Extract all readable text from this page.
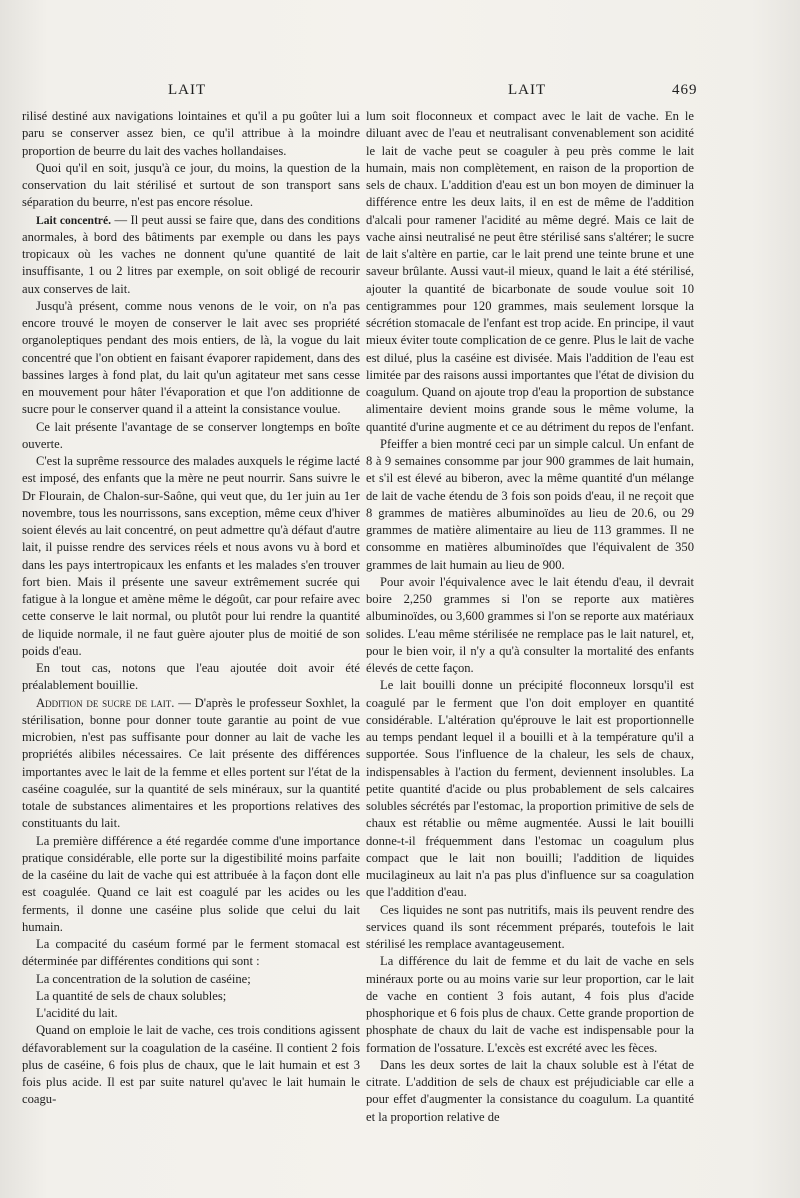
LAIT	LAIT	469

rilisé destiné aux navigations lointaines et qu'il a pu goûter lui a paru se conserver assez bien, ce qu'il attribue à la moindre proportion de beurre du lait des vaches hollandaises.

Quoi qu'il en soit, jusqu'à ce jour, du moins, la question de la conservation du lait stérilisé et surtout de son transport sans séparation du beurre, n'est pas encore résolue.

Lait concentré. — Il peut aussi se faire que, dans des conditions anormales, à bord des bâtiments par exemple ou dans les pays tropicaux où les vaches ne donnent qu'une quantité de lait insuffisante, 1 ou 2 litres par exemple, on soit obligé de recourir aux conserves de lait.

Jusqu'à présent, comme nous venons de le voir, on n'a pas encore trouvé le moyen de conserver le lait avec ses propriété organoleptiques pendant des mois entiers, de là, la vogue du lait concentré que l'on obtient en faisant évaporer rapidement, dans des bassines larges à fond plat, du lait qu'un agitateur met sans cesse en mouvement pour hâter l'évaporation et que l'on additionne de sucre pour le conserver quand il a atteint la consistance voulue.

Ce lait présente l'avantage de se conserver longtemps en boîte ouverte.

C'est la suprême ressource des malades auxquels le régime lacté est imposé, des enfants que la mère ne peut nourrir. Sans suivre le Dr Flourain, de Chalon-sur-Saône, qui veut que, du 1er juin au 1er novembre, tous les nourrissons, sans exception, même ceux d'hiver soient élevés au lait concentré, on peut admettre qu'à défaut d'autre lait, il puisse rendre des services réels et nous avons vu à bord et dans les pays intertropicaux les enfants et les malades s'en trouver fort bien. Mais il présente une saveur extrêmement sucrée qui fatigue à la longue et amène même le dégoût, car pour refaire avec cette conserve le lait normal, ou plutôt pour lui rendre la quantité de liquide normale, il ne faut guère ajouter plus de moitié de son poids d'eau.

En tout cas, notons que l'eau ajoutée doit avoir été préalablement bouillie.

Addition de sucre de lait. — D'après le professeur Soxhlet, la stérilisation, bonne pour donner toute garantie au point de vue microbien, n'est pas suffisante pour donner au lait de vache les propriétés alibiles nécessaires. Ce lait présente des différences importantes avec le lait de la femme et elles portent sur l'état de la caséine coagulée, sur la quantité de sels minéraux, sur la quantité totale de substances alimentaires et les proportions relatives des constituants du lait.

La première différence a été regardée comme d'une importance pratique considérable, elle porte sur la digestibilité moins parfaite de la caséine du lait de vache qui est attribuée à la façon dont elle est coagulée. Quand ce lait est coagulé par les acides ou les ferments, il donne une caséine plus solide que celui du lait humain.

La compacité du caséum formé par le ferment stomacal est déterminée par différentes conditions qui sont :

La concentration de la solution de caséine;

La quantité de sels de chaux solubles;

L'acidité du lait.

Quand on emploie le lait de vache, ces trois conditions agissent défavorablement sur la coagulation de la caséine. Il contient 2 fois plus de caséine, 6 fois plus de chaux, que le lait humain et est 3 fois plus acide. Il est par suite naturel qu'avec le lait humain le coagu-

lum soit floconneux et compact avec le lait de vache. En le diluant avec de l'eau et neutralisant convenablement son acidité le lait de vache peut se coaguler à peu près comme le lait humain, mais non complètement, en raison de la proportion de sels de chaux. L'addition d'eau est un bon moyen de diminuer la différence entre les deux laits, il en est de même de l'addition d'alcali pour ramener l'acidité au même degré. Mais ce lait de vache ainsi neutralisé ne peut être stérilisé sans s'altérer; le sucre de lait s'altère en partie, car le lait prend une teinte brune et une saveur brûlante. Aussi vaut-il mieux, quand le lait a été stérilisé, ajouter la quantité de bicarbonate de soude voulue soit 10 centigrammes pour 120 grammes, mais seulement lorsque la sécrétion stomacale de l'enfant est trop acide. En principe, il vaut mieux éviter toute complication de ce genre. Plus le lait de vache est dilué, plus la caséine est divisée. Mais l'addition de l'eau est limitée par des raisons aussi importantes que l'état de division du coagulum. Quand on ajoute trop d'eau la proportion de substance alimentaire devient moins grande sous le même volume, la quantité d'urine augmente et ce au détriment du repos de l'enfant.

Pfeiffer a bien montré ceci par un simple calcul. Un enfant de 8 à 9 semaines consomme par jour 900 grammes de lait humain, et s'il est élevé au biberon, avec la même quantité d'un mélange de lait de vache étendu de 3 fois son poids d'eau, il ne reçoit que 8 grammes de matières albuminoïdes au lieu de 20.6, ou 29 grammes de matière alimentaire au lieu de 113 grammes. Il ne consomme en matières albuminoïdes que l'équivalent de 350 grammes de lait humain au lieu de 900.

Pour avoir l'équivalence avec le lait étendu d'eau, il devrait boire 2,250 grammes si l'on se reporte aux matières albuminoïdes, ou 3,600 grammes si l'on se reporte aux matériaux solides. L'eau même stérilisée ne remplace pas le lait naturel, et, pour le bien voir, il n'y a qu'à consulter la mortalité des enfants élevés de cette façon.

Le lait bouilli donne un précipité floconneux lorsqu'il est coagulé par le ferment que l'on doit employer en quantité considérable. L'altération qu'éprouve le lait est proportionnelle au temps pendant lequel il a bouilli et à la température qu'il a supportée. Sous l'influence de la chaleur, les sels de chaux, indispensables à l'action du ferment, deviennent insolubles. La petite quantité d'acide ou plus probablement de sels calcaires solubles sécrétés par l'estomac, la proportion primitive de sels de chaux est rétablie ou même augmentée. Aussi le lait bouilli donne-t-il fréquemment dans l'estomac un coagulum plus compact que le lait non bouilli; l'addition de liquides mucilagineux au lait n'a pas plus d'influence sur sa coagulation que l'addition d'eau.

Ces liquides ne sont pas nutritifs, mais ils peuvent rendre des services quand ils sont récemment préparés, toutefois le lait stérilisé les remplace avantageusement.

La différence du lait de femme et du lait de vache en sels minéraux porte ou au moins varie sur leur proportion, car le lait de vache en contient 3 fois autant, 4 fois plus d'acide phosphorique et 6 fois plus de chaux. Cette grande proportion de phosphate de chaux du lait de vache est indispensable pour la formation de l'ossature. L'excès est excrété avec les fèces.

Dans les deux sortes de lait la chaux soluble est à l'état de citrate. L'addition de sels de chaux est préjudiciable car elle a pour effet d'augmenter la consistance du coagulum. La quantité et la proportion relative de
